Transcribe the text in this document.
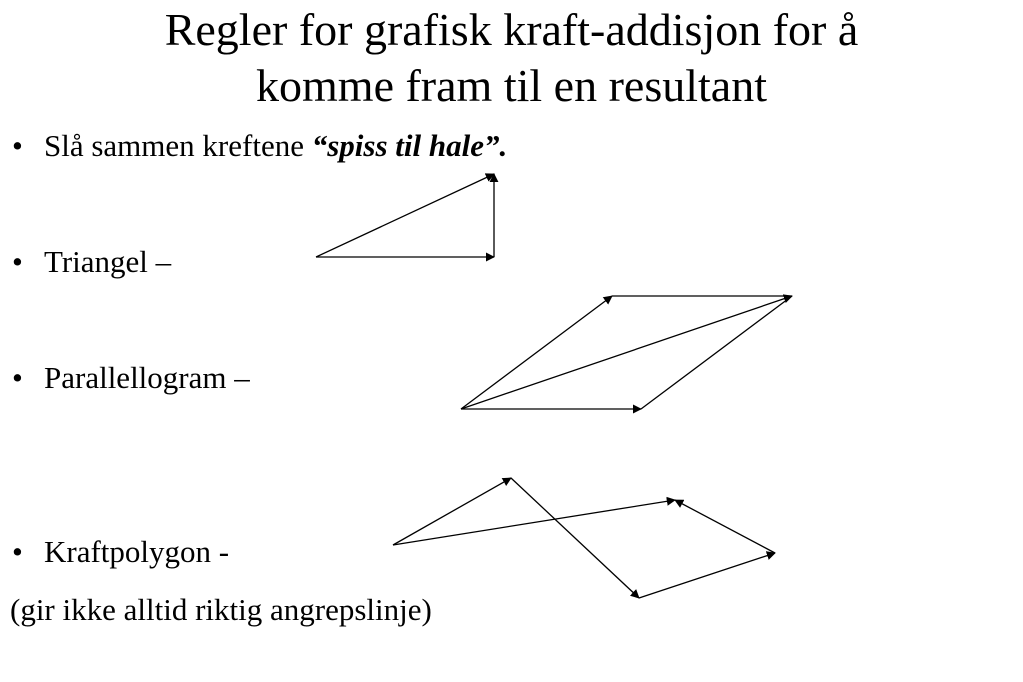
Regler for grafisk kraft-addisjon for å
komme fram til en resultant
• Slå sammen kreftene “spiss til hale”.
• Triangel –
• Parallellogram –
• Kraftpolygon -
(gir ikke alltid riktig angrepslinje)
